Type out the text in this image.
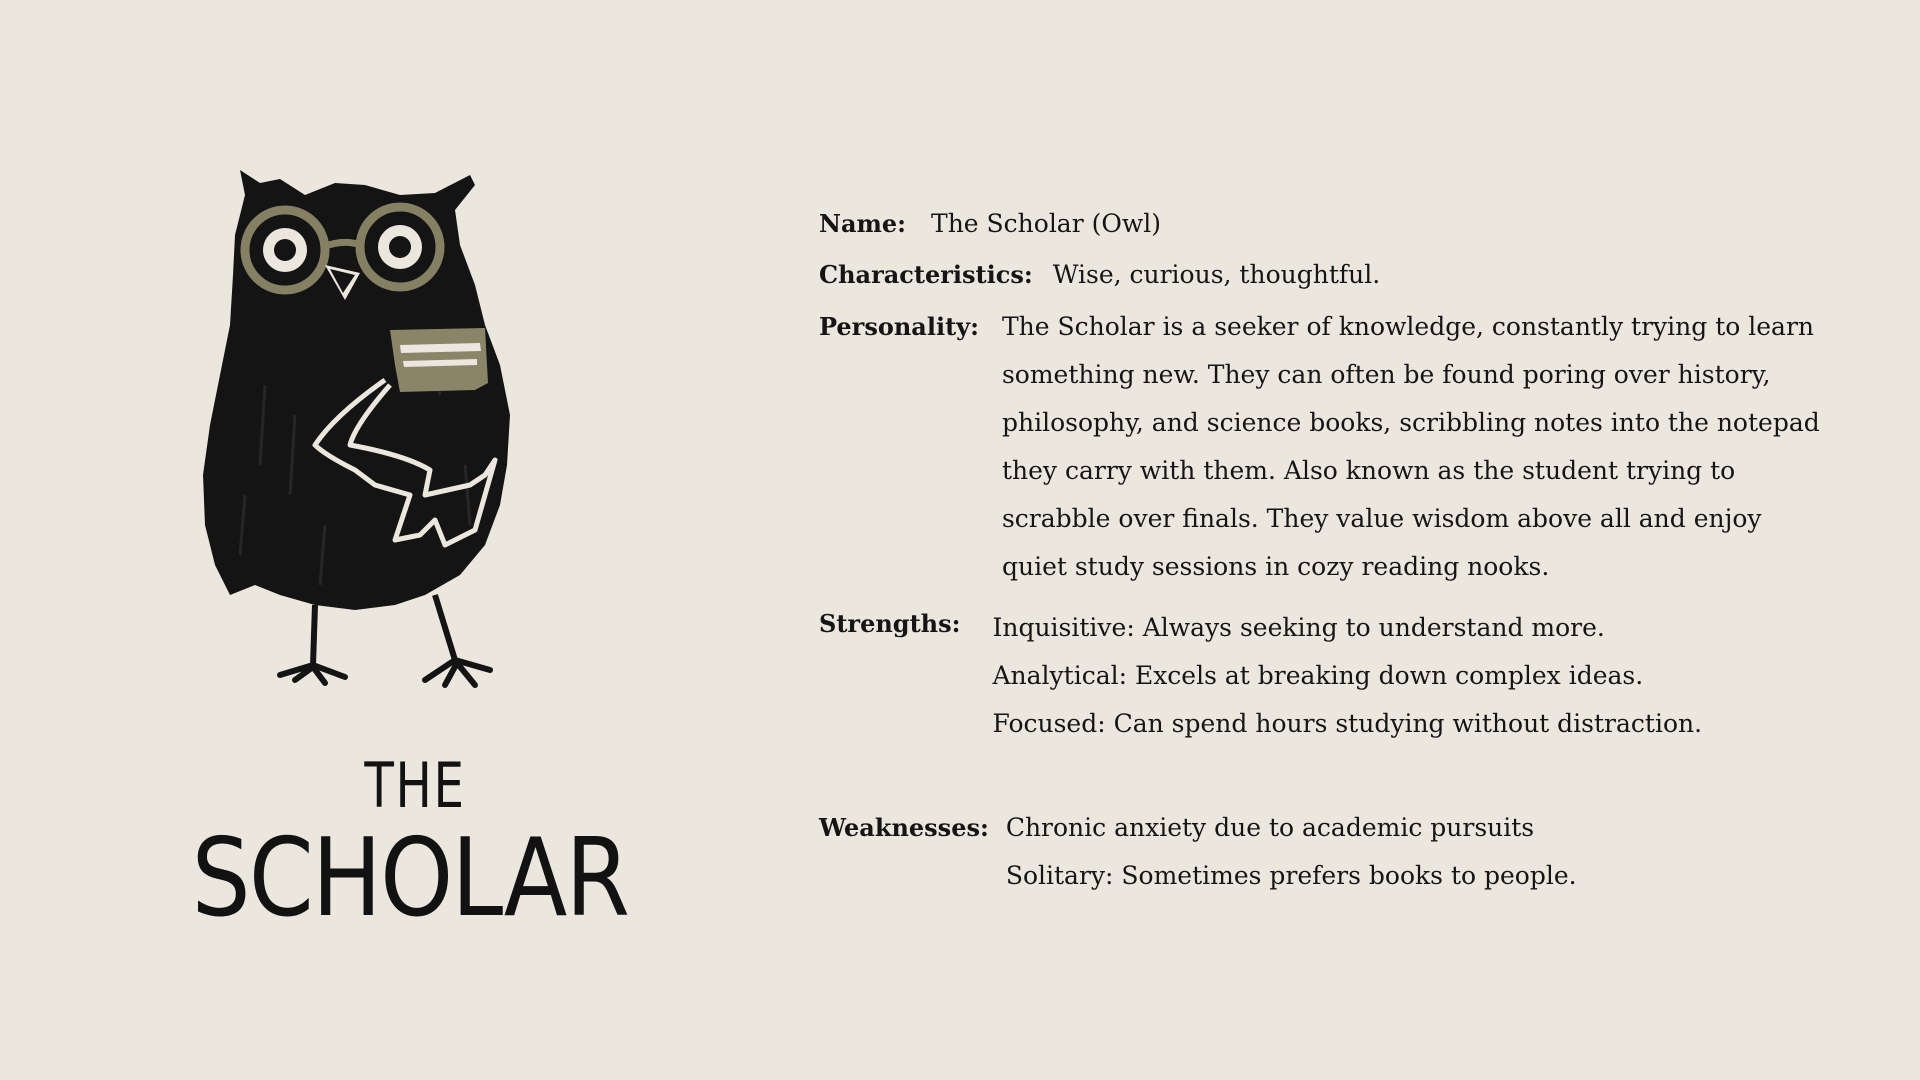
THE
SCHOLAR
Name: The Scholar (Owl)
Characteristics: Wise, curious, thoughtful.
Personality: The Scholar is a seeker of knowledge, constantly trying to learn

something new. They can often be found poring over history,

philosophy, and science books, scribbling notes into the notepad

they carry with them. Also known as the student trying to

scrabble over finals. They value wisdom above all and enjoy

quiet study sessions in cozy reading nooks.

Strengths: Inquisitive: Always seeking to understand more.
Analytical: Excels at breaking down complex ideas.
Focused: Can spend hours studying without distraction.
Weaknesses: Chronic anxiety due to academic pursuits
Solitary: Sometimes prefers books to people.
